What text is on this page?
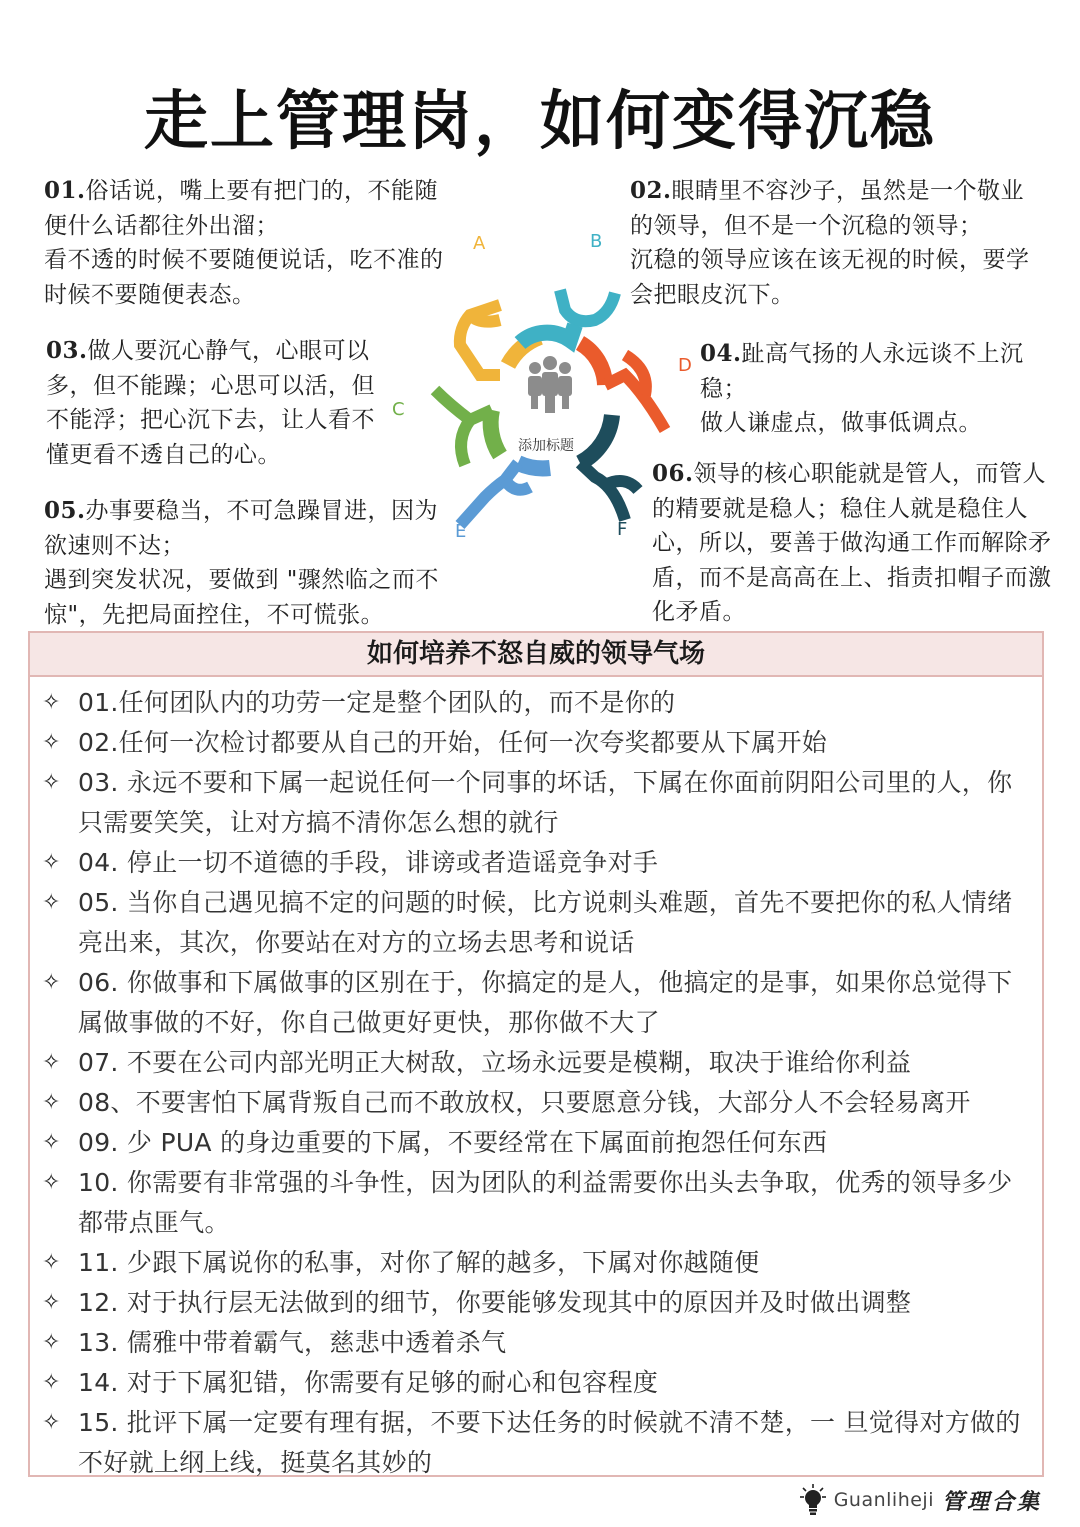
走上管理岗，如何变得沉稳

01.俗话说，嘴上要有把门的，不能随便什么话都往外出溜；

看不透的时候不要随便说话，吃不准的时候不要随便表态。

02.眼睛里不容沙子，虽然是一个敬业的领导，但不是一个沉稳的领导；

沉稳的领导应该在该无视的时候，要学会把眼皮沉下。

03.做人要沉心静气，心眼可以多，但不能躁；心思可以活，但不能浮；把心沉下去，让人看不懂更看不透自己的心。

04.趾高气扬的人永远谈不上沉稳；

做人谦虚点，做事低调点。

05.办事要稳当，不可急躁冒进，因为欲速则不达；

遇到突发状况，要做到 "骤然临之而不惊"，先把局面控住，不可慌张。

06.领导的核心职能就是管人，而管人的精要就是稳人；稳住人就是稳住人心，所以，要善于做沟通工作而解除矛盾，而不是高高在上、指责扣帽子而激化矛盾。

添加标题
A	B
C
D
E	F
如何培养不怒自威的领导气场
✧ 01.任何团队内的功劳一定是整个团队的，而不是你的
✧ 02.任何一次检讨都要从自己的开始，任何一次夸奖都要从下属开始
✧ 03. 永远不要和下属一起说任何一个同事的坏话，下属在你面前阴阳公司里的人，你只需要笑笑，让对方搞不清你怎么想的就行
✧ 04. 停止一切不道德的手段，诽谤或者造谣竞争对手
✧ 05. 当你自己遇见搞不定的问题的时候，比方说刺头难题，首先不要把你的私人情绪亮出来，其次，你要站在对方的立场去思考和说话
✧ 06. 你做事和下属做事的区别在于，你搞定的是人，他搞定的是事，如果你总觉得下属做事做的不好，你自己做更好更快，那你做不大了
✧ 07. 不要在公司内部光明正大树敌，立场永远要是模糊，取决于谁给你利益
✧ 08、不要害怕下属背叛自己而不敢放权，只要愿意分钱，大部分人不会轻易离开
✧ 09. 少 PUA 的身边重要的下属，不要经常在下属面前抱怨任何东西
✧ 10. 你需要有非常强的斗争性，因为团队的利益需要你出头去争取，优秀的领导多少都带点匪气。
✧ 11. 少跟下属说你的私事，对你了解的越多，下属对你越随便
✧ 12. 对于执行层无法做到的细节，你要能够发现其中的原因并及时做出调整
✧ 13. 儒雅中带着霸气，慈悲中透着杀气
✧ 14. 对于下属犯错，你需要有足够的耐心和包容程度
✧ 15. 批评下属一定要有理有据，不要下达任务的时候就不清不楚，一 旦觉得对方做的不好就上纲上线，挺莫名其妙的
Guanliheji 管理合集
